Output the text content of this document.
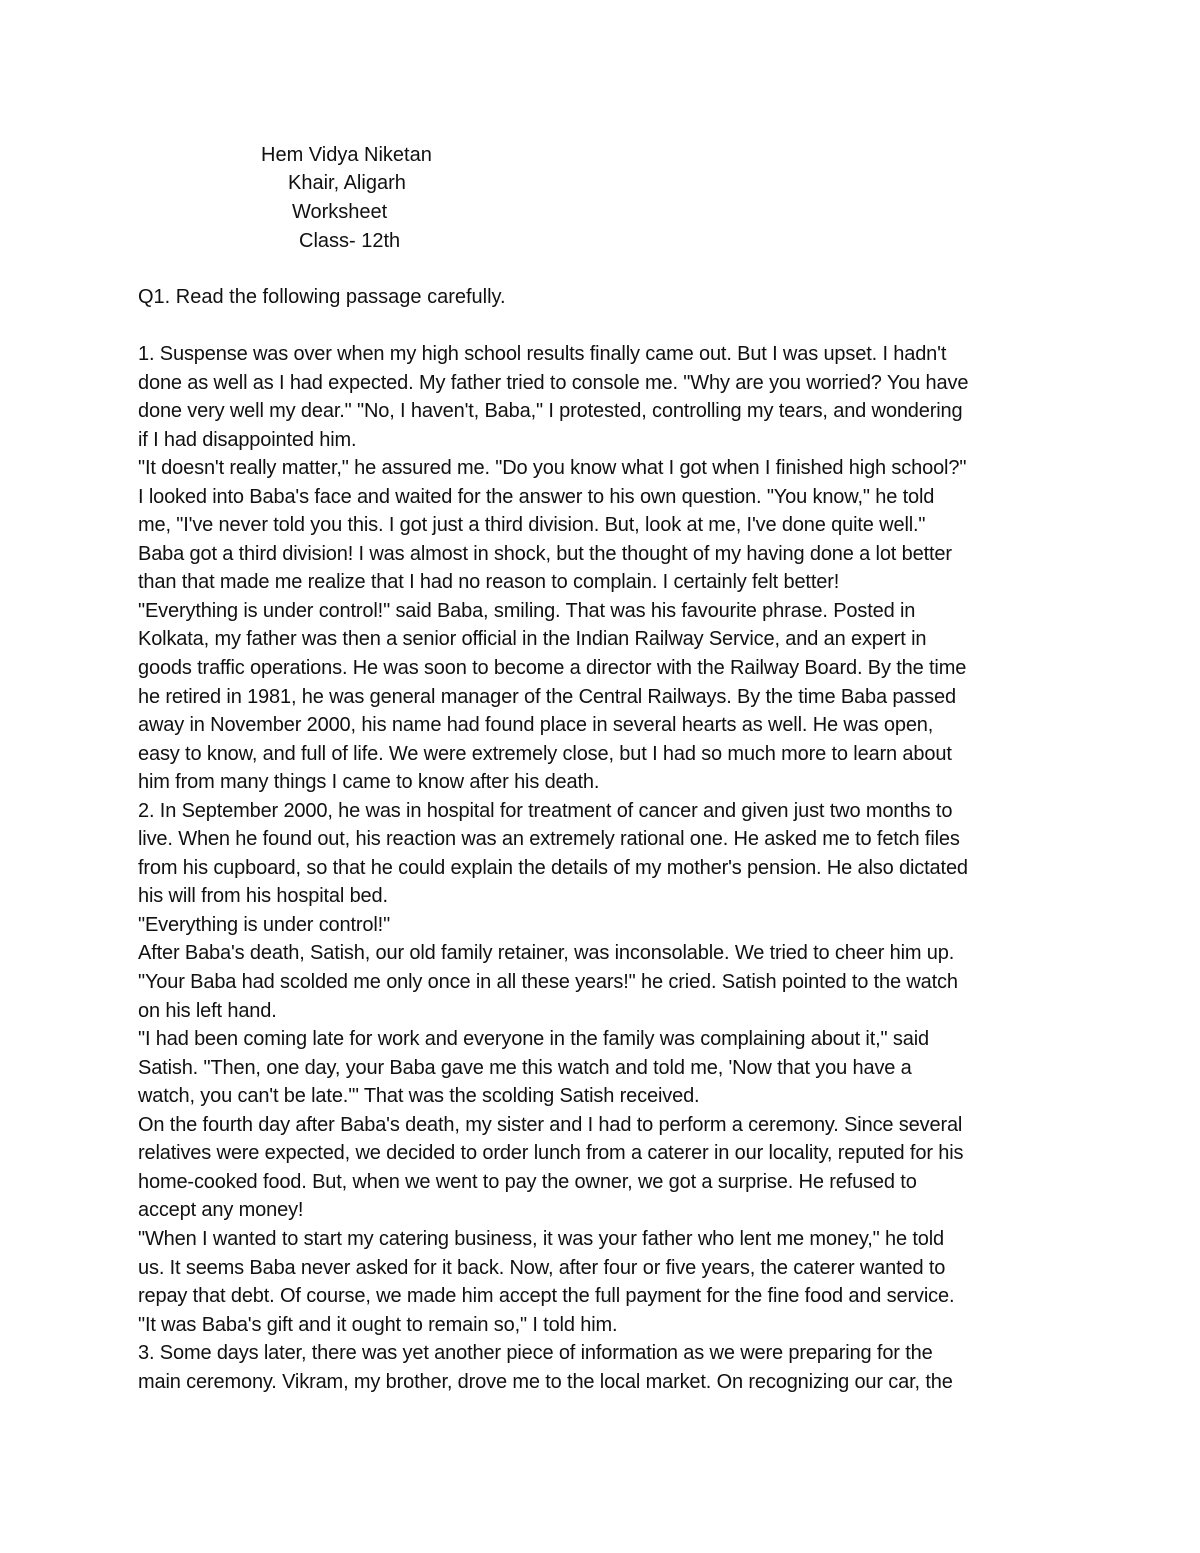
Hem Vidya Niketan
Khair, Aligarh
Worksheet
Class- 12th
Q1. Read the following passage carefully.
1. Suspense was over when my high school results finally came out. But I was upset. I hadn't
done as well as I had expected. My father tried to console me. "Why are you worried? You have
done very well my dear." "No, I haven't, Baba," I protested, controlling my tears, and wondering
if I had disappointed him.
"It doesn't really matter," he assured me. "Do you know what I got when I finished high school?"
I looked into Baba's face and waited for the answer to his own question. "You know," he told
me, "I've never told you this. I got just a third division. But, look at me, I've done quite well."
Baba got a third division! I was almost in shock, but the thought of my having done a lot better
than that made me realize that I had no reason to complain. I certainly felt better!
"Everything is under control!" said Baba, smiling. That was his favourite phrase. Posted in
Kolkata, my father was then a senior official in the Indian Railway Service, and an expert in
goods traffic operations. He was soon to become a director with the Railway Board. By the time
he retired in 1981, he was general manager of the Central Railways. By the time Baba passed
away in November 2000, his name had found place in several hearts as well. He was open,
easy to know, and full of life. We were extremely close, but I had so much more to learn about
him from many things I came to know after his death.
2. In September 2000, he was in hospital for treatment of cancer and given just two months to
live. When he found out, his reaction was an extremely rational one. He asked me to fetch files
from his cupboard, so that he could explain the details of my mother's pension. He also dictated
his will from his hospital bed.
"Everything is under control!"
After Baba's death, Satish, our old family retainer, was inconsolable. We tried to cheer him up.
"Your Baba had scolded me only once in all these years!" he cried. Satish pointed to the watch
on his left hand.
"I had been coming late for work and everyone in the family was complaining about it," said
Satish. "Then, one day, your Baba gave me this watch and told me, 'Now that you have a
watch, you can't be late.'" That was the scolding Satish received.
On the fourth day after Baba's death, my sister and I had to perform a ceremony. Since several
relatives were expected, we decided to order lunch from a caterer in our locality, reputed for his
home-cooked food. But, when we went to pay the owner, we got a surprise. He refused to
accept any money!
"When I wanted to start my catering business, it was your father who lent me money," he told
us. It seems Baba never asked for it back. Now, after four or five years, the caterer wanted to
repay that debt. Of course, we made him accept the full payment for the fine food and service.
"It was Baba's gift and it ought to remain so," I told him.
3. Some days later, there was yet another piece of information as we were preparing for the
main ceremony. Vikram, my brother, drove me to the local market. On recognizing our car, the
